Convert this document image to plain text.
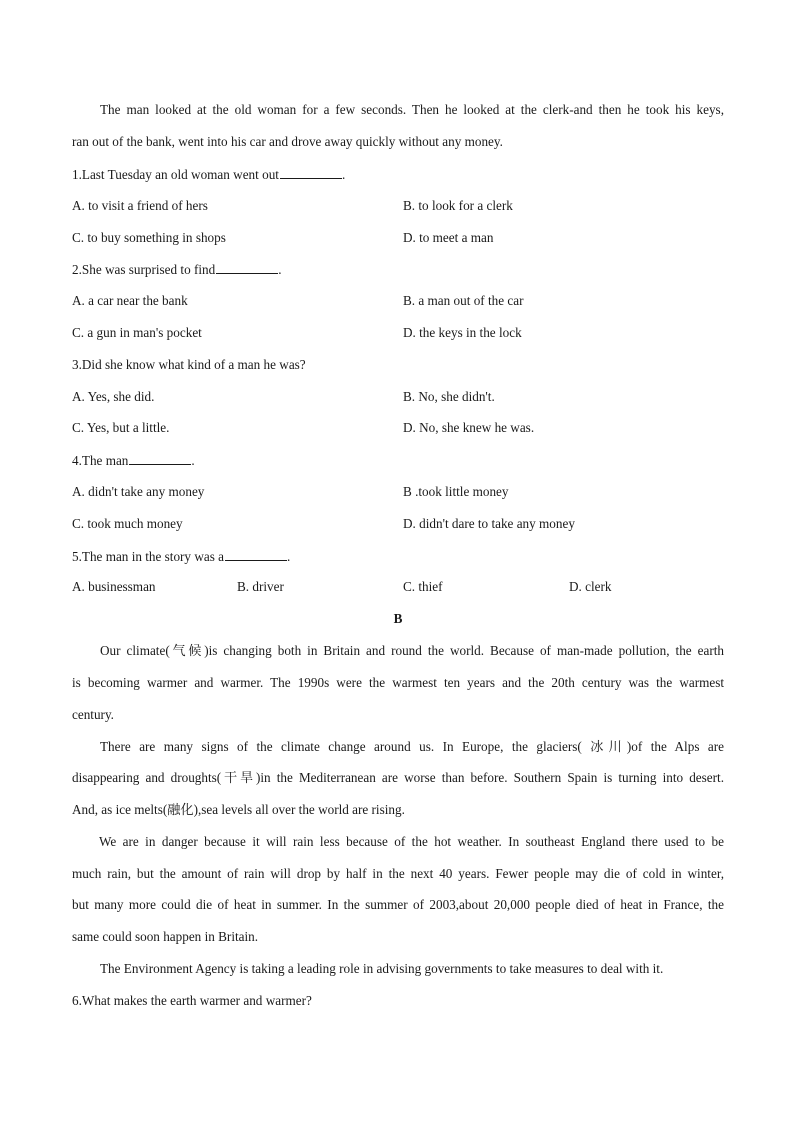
The man looked at the old woman for a few seconds. Then he looked at the clerk-and then he took his keys,
ran out of the bank, went into his car and drove away quickly without any money.
1.Last Tuesday an old woman went out	.
A. to visit a friend of hers	B. to look for a clerk
C. to buy something in shops	D. to meet a man
2.She was surprised to find	.
A. a car near the bank	B. a man out of the car
C. a gun in man's pocket	D. the keys in the lock
3.Did she know what kind of a man he was?
A. Yes, she did.	B. No, she didn't.
C. Yes, but a little.	D. No, she knew he was.
4.The man	.
A. didn't take any money	B .took little money
C. took much money	D. didn't dare to take any money
5.The man in the story was a	.
A. businessman	B. driver	C. thief	D. clerk
B
Our climate(气候)is changing both in Britain and round the world. Because of man-made pollution, the earth
is becoming warmer and warmer. The 1990s were the warmest ten years and the 20th century was the warmest
century.
There are many signs of the climate change around us. In Europe, the glaciers( 冰川)of the Alps are
disappearing and droughts(干旱)in the Mediterranean are worse than before. Southern Spain is turning into desert.
And, as ice melts(融化),sea levels all over the world are rising.
We are in danger because it will rain less because of the hot weather. In southeast England there used to be
much rain, but the amount of rain will drop by half in the next 40 years. Fewer people may die of cold in winter,
but many more could die of heat in summer. In the summer of 2003,about 20,000 people died of heat in France, the
same could soon happen in Britain.
The Environment Agency is taking a leading role in advising governments to take measures to deal with it.
6.What makes the earth warmer and warmer?
